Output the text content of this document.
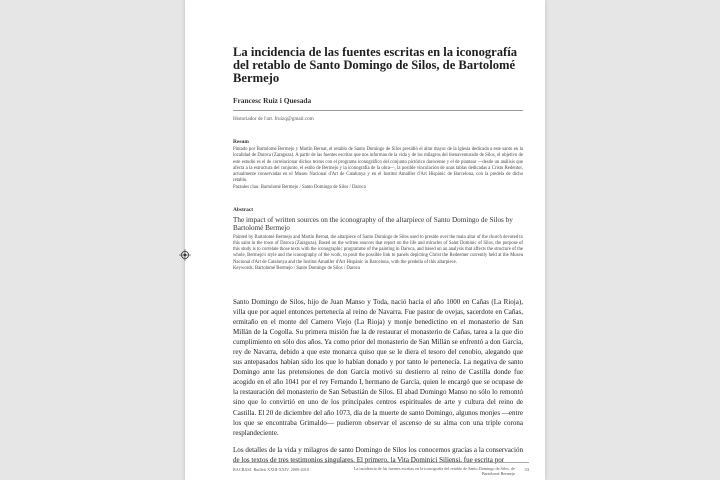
La incidencia de las fuentes escritas en la iconografía del retablo de Santo Domingo de Silos, de Bartolomé Bermejo
Francesc Ruiz i Quesada
Historiador de l'art. fruizq@gmail.com
Resum
Pintado por Bartolomé Bermejo y Martín Bernat, el retablo de Santo Domingo de Silos presidió el altar mayor de la iglesia dedicada a este santo en la localidad de Daroca (Zaragoza). A partir de las fuentes escritas que nos informan de la vida y de los milagros del bienaventurado de Silos, el objetivo de este estudio es el de correlacionar dichos textos con el programa iconográfico del conjunto pictórico darocense y el de plantear —desde un análisis que afecta a la estructura del conjunto, el estilo de Bermejo y la iconografía de la obra—, la posible vinculación de unas tablas dedicadas a Cristo Redentor, actualmente conservadas en el Museu Nacional d'Art de Catalunya y en el Institut Amatller d'Art Hispànic de Barcelona, con la predela de dicho retablo.
Paraules clau: Bartolomé Bermejo / Santo Domingo de Silos / Daroca
Abstract
The impact of written sources on the iconography of the altarpiece of Santo Domingo de Silos by Bartolomé Bermejo
Painted by Bartolomé Bermejo and Martín Bernat, the altarpiece of Santo Domingo de Silos used to preside over the main altar of the church devoted to this saint in the town of Daroca (Zaragoza). Based on the written sources that report on the life and miracles of Saint Dominic of Silos, the purpose of this study is to correlate those texts with the iconographic programme of the painting in Daroca, and based on an analysis that affects the structure of the whole, Bermejo's style and the iconography of the work, to posit the possible link to panels depicting Christ the Redeemer currently held at the Museu Nacional d'Art de Catalunya and the Institut Amatller d'Art Hispànic in Barcelona, with the predella of this altarpiece.
Keywords: Bartolomé Bermejo / Santo Domingo de Silos / Daroca

Santo Domingo de Silos, hijo de Juan Manso y Toda, nació hacia el año 1000 en Cañas (La Rioja), villa que por aquel entonces pertenecía al reino de Navarra. Fue pastor de ovejas, sacerdote en Cañas, ermitaño en el monte del Camero Viejo (La Rioja) y monje benedictino en el monasterio de San Millán de la Cogolla. Su primera misión fue la de restaurar el monasterio de Cañas, tarea a la que dio cumplimiento en sólo dos años. Ya como prior del monasterio de San Millán se enfrentó a don García, rey de Navarra, debido a que este monarca quiso que se le diera el tesoro del cenobio, alegando que sus antepasados habían sido los que lo habían donado y por tanto le pertenecía. La negativa de santo Domingo ante las pretensiones de don García motivó su destierro al reino de Castilla donde fue acogido en el año 1041 por el rey Fernando I, hermano de García, quien le encargó que se ocupase de la restauración del monasterio de San Sebastián de Silos. El abad Domingo Manso no sólo lo remontó sino que lo convirtió en uno de los principales centros espirituales de arte y cultura del reino de Castilla. El 20 de diciembre del año 1073, día de la muerte de santo Domingo, algunos monjes —entre los que se encontraba Grimaldo— pudieron observar el ascenso de su alma con una triple corona resplandeciente.

Los detalles de la vida y milagros de santo Domingo de Silos los conocemos gracias a la conservación de los textos de tres testimonios singulares. El primero, la Vita Dominici Siliensi, fue escrita por

RACBASJ. Butlletí XXIII-XXIV, 2009-2010	La incidencia de las fuentes escritas en la iconografía del retablo de Santo Domingo de Silos, de Bartolomé Bermejo
33
